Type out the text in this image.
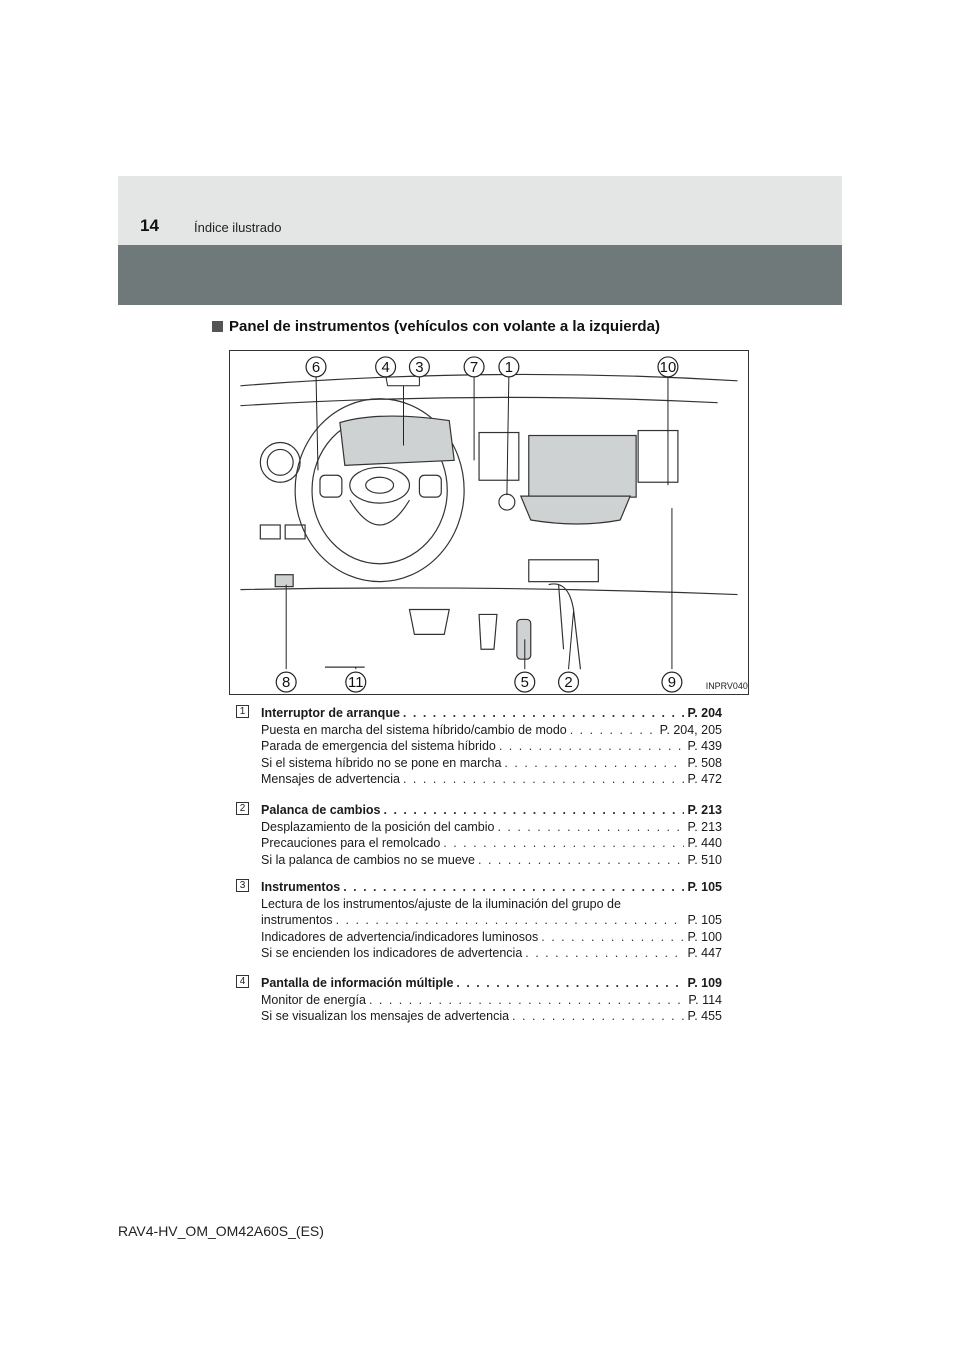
14	Índice ilustrado
Panel de instrumentos (vehículos con volante a la izquierda)
6	4 3	7 1	10
8	11	5 2	9	INPRV040
1 Interruptor de arranque . . .	P. 204
Puesta en marcha del sistema híbrido/cambio de modo . . .	P. 204, 205
Parada de emergencia del sistema híbrido . . .	P. 439
Si el sistema híbrido no se pone en marcha . . .	P. 508
Mensajes de advertencia . . .	P. 472
2 Palanca de cambios . . .	P. 213
Desplazamiento de la posición del cambio . . .	P. 213
Precauciones para el remolcado . . .	P. 440
Si la palanca de cambios no se mueve . . .	P. 510
3 Instrumentos . . .	P. 105
Lectura de los instrumentos/ajuste de la iluminación del grupo de
instrumentos . . .	P. 105
Indicadores de advertencia/indicadores luminosos . . .	P. 100
Si se encienden los indicadores de advertencia . . .	P. 447
4 Pantalla de información múltiple . . .	P. 109
Monitor de energía . . .	P. 114
Si se visualizan los mensajes de advertencia . . .	P. 455
RAV4-HV_OM_OM42A60S_(ES)
